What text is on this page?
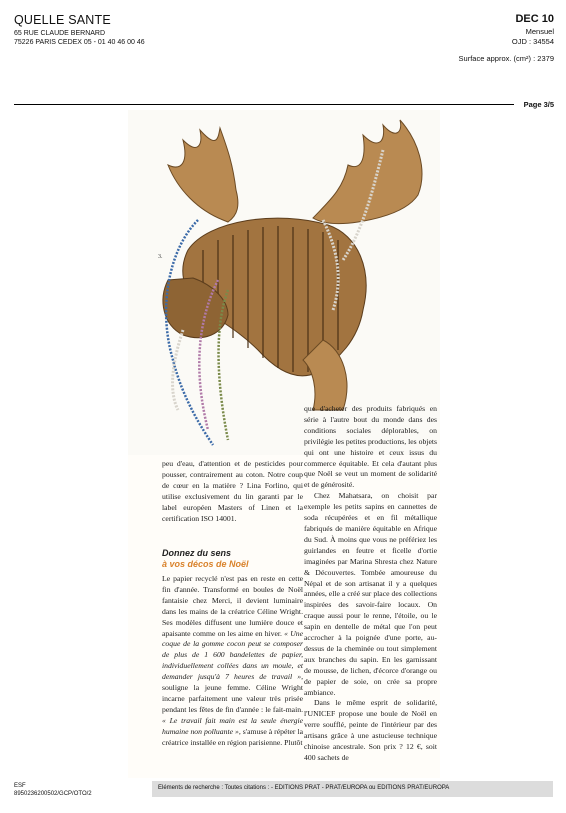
QUELLE SANTE
65 RUE CLAUDE BERNARD
75226 PARIS CEDEX 05 - 01 40 46 00 46
DEC 10
Mensuel
OJD : 34554
Surface approx. (cm²) : 2379
Page 3/5
3.

peu d'eau, d'attention et de pesticides pour pousser, contrairement au coton. Notre coup de cœur en la matière ? Lina Forlino, qui utilise exclusivement du lin garanti par le label européen Masters of Linen et la certification ISO 14001.

Donnez du sens
à vos décos de Noël

Le papier recyclé n'est pas en reste en cette fin d'année. Transformé en boules de Noël fantaisie chez Merci, il devient luminaire dans les mains de la créatrice Céline Wright. Ses modèles diffusent une lumière douce et apaisante comme on les aime en hiver. « Une coque de la gomme cocon peut se composer de plus de 1 600 bandelettes de papier, individuellement collées dans un moule, et demander jusqu'à 7 heures de travail », souligne la jeune femme. Céline Wright incarne parfaitement une valeur très prisée pendant les fêtes de fin d'année : le fait-main. « Le travail fait main est la seule énergie humaine non polluante », s'amuse à répéter la créatrice installée en région parisienne. Plutôt

que d'acheter des produits fabriqués en série à l'autre bout du monde dans des conditions sociales déplorables, on privilégie les petites productions, les objets qui ont une histoire et ceux issus du commerce équitable. Et cela d'autant plus que Noël se veut un moment de solidarité et de générosité.

Chez Mahatsara, on choisit par exemple les petits sapins en cannettes de soda récupérées et en fil métallique fabriqués de manière équitable en Afrique du Sud. À moins que vous ne préfériez les guirlandes en feutre et ficelle d'ortie imaginées par Marina Shresta chez Nature & Découvertes. Tombée amoureuse du Népal et de son artisanat il y a quelques années, elle a créé sur place des collections inspirées des savoir-faire locaux. On craque aussi pour le renne, l'étoile, ou le sapin en dentelle de métal que l'on peut accrocher à la poignée d'une porte, au-dessus de la cheminée ou tout simplement aux branches du sapin. En les garnissant de mousse, de lichen, d'écorce d'orange ou de papier de soie, on crée sa propre ambiance.

Dans le même esprit de solidarité, l'UNICEF propose une boule de Noël en verre soufflé, peinte de l'intérieur par des artisans grâce à une astucieuse technique chinoise ancestrale. Son prix ? 12 €, soit 400 sachets de

ESF
8950236200502/GCP/OTO/2
Eléments de recherche : Toutes citations : - EDITIONS PRAT - PRAT/EUROPA ou EDITIONS PRAT/EUROPA
